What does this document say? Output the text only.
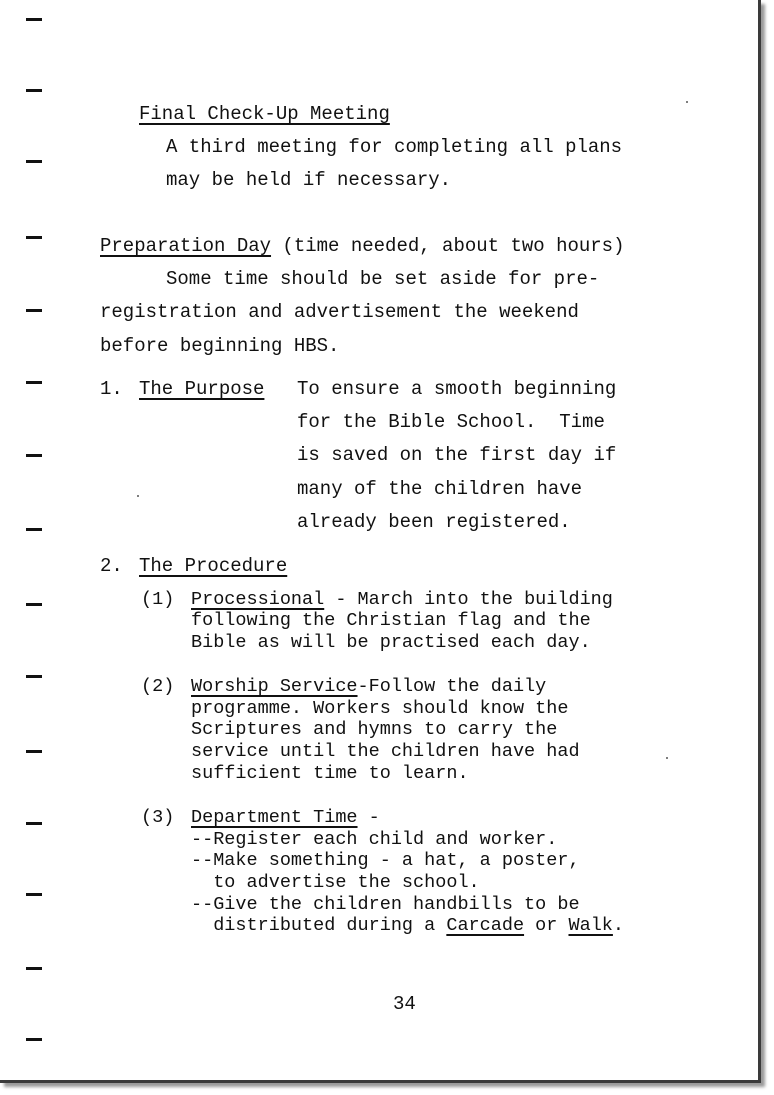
Final Check-Up Meeting
A third meeting for completing all plans
may be held if necessary.
Preparation Day (time needed, about two hours)
Some time should be set aside for pre-
registration and advertisement the weekend
before beginning HBS.
1. The Purpose To ensure a smooth beginning
for the Bible School.  Time
is saved on the first day if
many of the children have
already been registered.
2. The Procedure
(1) Processional - March into the building
following the Christian flag and the
Bible as will be practised each day.
(2) Worship Service-Follow the daily
programme. Workers should know the
Scriptures and hymns to carry the
service until the children have had
sufficient time to learn.
(3) Department Time -
--Register each child and worker.
--Make something - a hat, a poster,
to advertise the school.
--Give the children handbills to be
distributed during a Carcade or Walk.
34
